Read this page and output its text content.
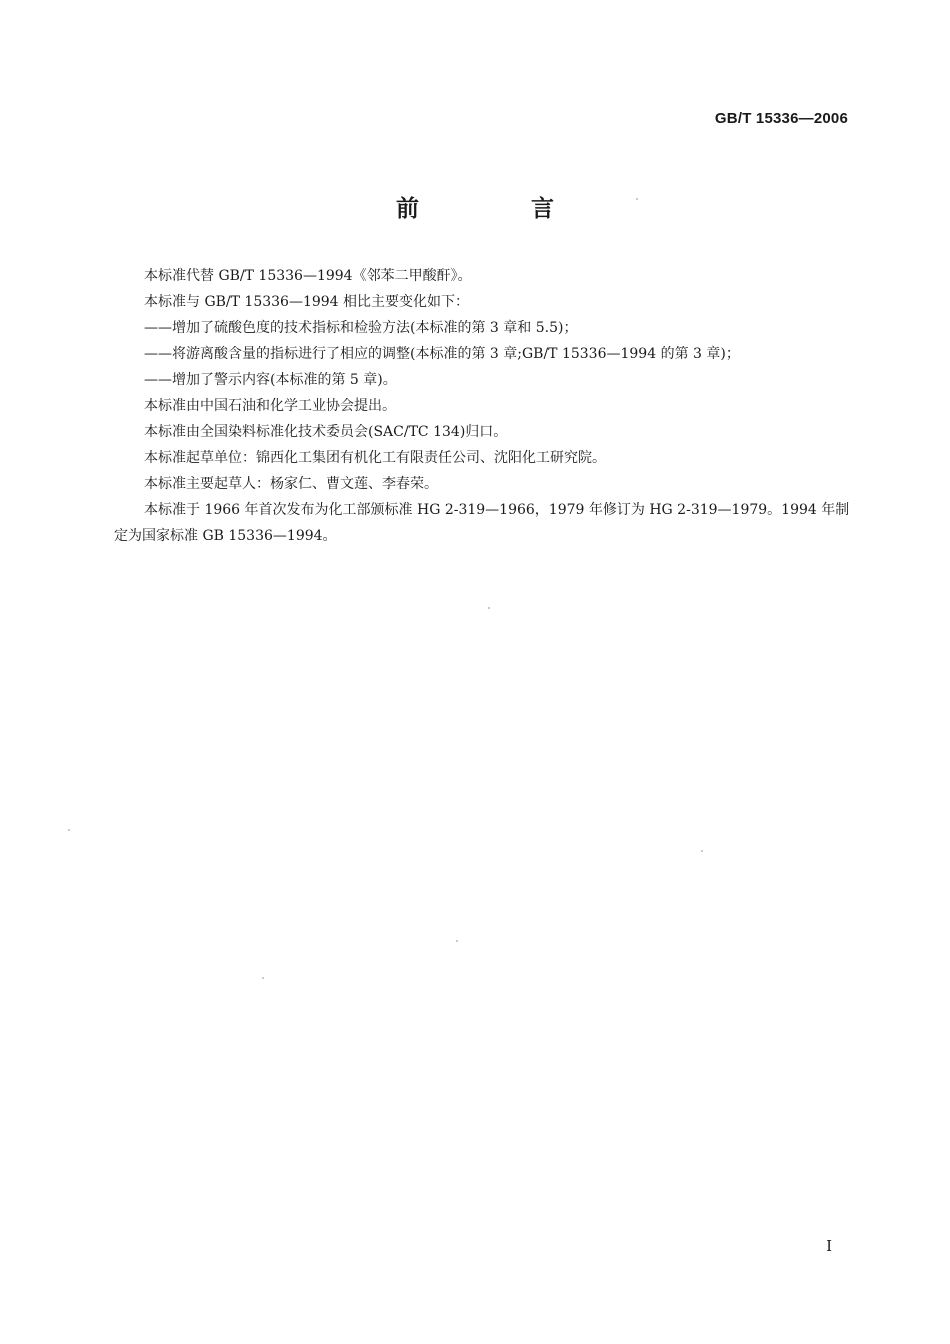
GB/T 15336—2006
前 言

本标准代替 GB/T 15336—1994《邻苯二甲酸酐》。

本标准与 GB/T 15336—1994 相比主要变化如下：

——增加了硫酸色度的技术指标和检验方法(本标准的第 3 章和 5.5)；

——将游离酸含量的指标进行了相应的调整(本标准的第 3 章;GB/T 15336—1994 的第 3 章)；

——增加了警示内容(本标准的第 5 章)。

本标准由中国石油和化学工业协会提出。

本标准由全国染料标准化技术委员会(SAC/TC 134)归口。

本标准起草单位：锦西化工集团有机化工有限责任公司、沈阳化工研究院。

本标准主要起草人：杨家仁、曹文莲、李春荣。

本标准于 1966 年首次发布为化工部颁标准 HG 2-319—1966，1979 年修订为 HG 2-319—1979。1994 年制定为国家标准 GB 15336—1994。

I
